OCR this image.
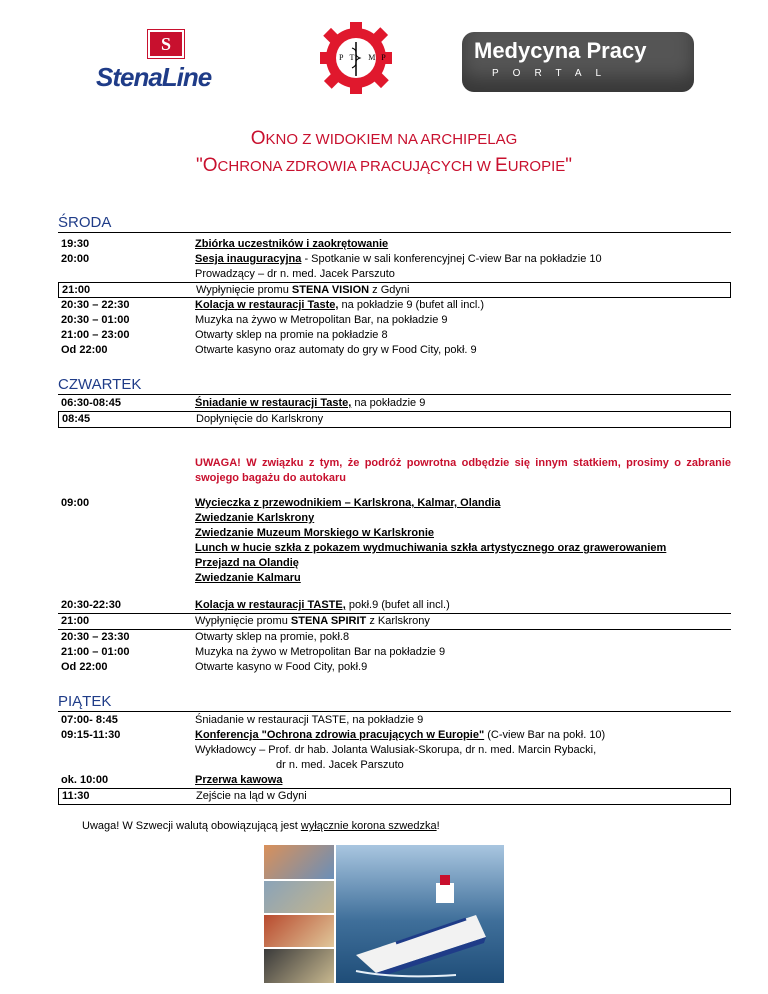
S
StenaLine
PT MP	Medycyna Pracy
PORTAL
OKNO Z WIDOKIEM NA ARCHIPELAG
"OCHRONA ZDROWIA PRACUJĄCYCH W EUROPIE"
ŚRODA
19:30	Zbiórka uczestników i zaokrętowanie
20:00	Sesja inauguracyjna - Spotkanie w sali konferencyjnej C-view Bar na pokładzie 10
Prowadzący – dr n. med. Jacek Parszuto
21:00	Wypłynięcie promu STENA VISION z Gdyni
20:30 – 22:30	Kolacja w restauracji Taste, na pokładzie 9 (bufet all incl.)
20:30 – 01:00	Muzyka na żywo w Metropolitan Bar, na pokładzie 9
21:00 – 23:00	Otwarty sklep na promie na pokładzie 8
Od 22:00	Otwarte kasyno oraz automaty do gry w Food City, pokł. 9
CZWARTEK
06:30-08:45	Śniadanie w restauracji Taste, na pokładzie 9
08:45	Dopłynięcie do Karlskrony
UWAGA! W związku z tym, że podróż powrotna odbędzie się innym statkiem, prosimy o zabranie swojego bagażu do autokaru
09:00	Wycieczka z przewodnikiem – Karlskrona, Kalmar, Olandia
Zwiedzanie Karlskrony
Zwiedzanie Muzeum Morskiego w Karlskronie
Lunch w hucie szkła z pokazem wydmuchiwania szkła artystycznego oraz grawerowaniem
Przejazd na Olandię
Zwiedzanie Kalmaru
20:30-22:30	Kolacja w restauracji TASTE, pokł.9 (bufet all incl.)
21:00	Wypłynięcie promu STENA SPIRIT z Karlskrony
20:30 – 23:30	Otwarty sklep na promie, pokł.8
21:00 – 01:00	Muzyka na żywo w Metropolitan Bar na pokładzie 9
Od 22:00	Otwarte kasyno w Food City, pokł.9
PIĄTEK
07:00- 8:45	Śniadanie w restauracji TASTE, na pokładzie 9
09:15-11:30	Konferencja "Ochrona zdrowia pracujących w Europie" (C-view Bar na pokł. 10)
Wykładowcy – Prof. dr hab. Jolanta Walusiak-Skorupa, dr n. med. Marcin Rybacki,
dr n. med. Jacek Parszuto
ok. 10:00	Przerwa kawowa
11:30	Zejście na ląd w Gdyni
Uwaga! W Szwecji walutą obowiązującą jest wyłącznie korona szwedzka!
